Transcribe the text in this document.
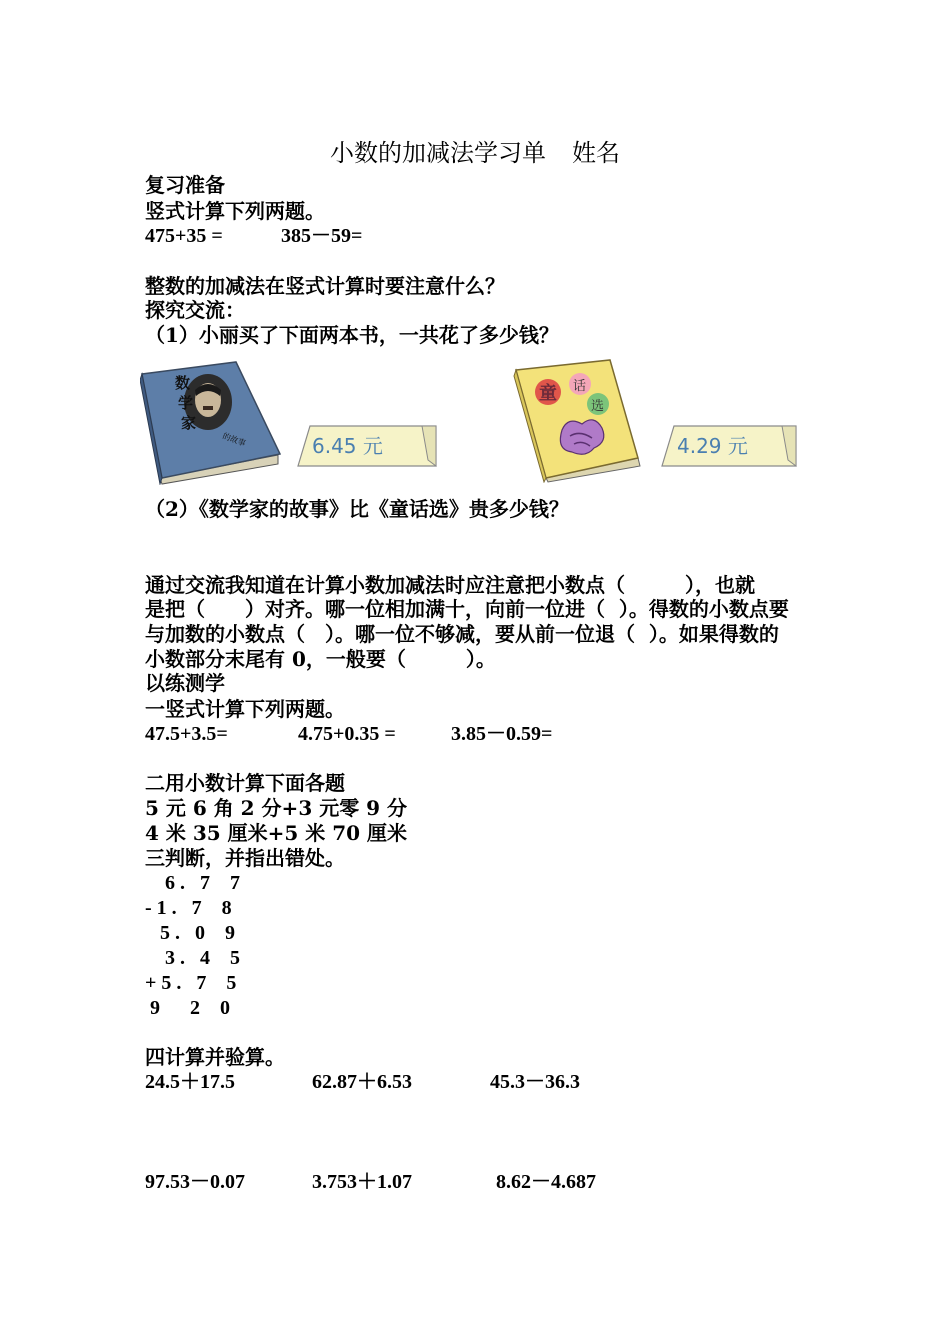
小数的加减法学习单 姓名
复习准备
竖式计算下列两题。
475+35 =	385－59=
整数的加减法在竖式计算时要注意什么？
探究交流：
（1）小丽买了下面两本书，一共花了多少钱？
数
学
家
的故事	6.45 元
童 话
选
4.29 元
（2）《数学家的故事》比《童话选》贵多少钱？
通过交流我知道在计算小数加减法时应注意把小数点（　　　），也就
是把（　　）对齐。哪一位相加满十，向前一位进（  ）。得数的小数点要
与加数的小数点（　）。哪一位不够减，要从前一位退（  ）。如果得数的
小数部分末尾有 0，一般要（　　　）。
以练测学
一竖式计算下列两题。
47.5+3.5=	4.75+0.35 =	3.85－0.59=
二用小数计算下面各题
5 元 6 角 2 分+3 元零 9 分
4 米 35 厘米+5 米 70 厘米
三判断，并指出错处。
6 .   7    7
- 1 .   7    8
5 .   0    9
3 .   4    5
+ 5 .   7    5
9      2    0
四计算并验算。
24.5＋17.5	62.87＋6.53	45.3－36.3
97.53－0.07	3.753＋1.07	8.62－4.687
